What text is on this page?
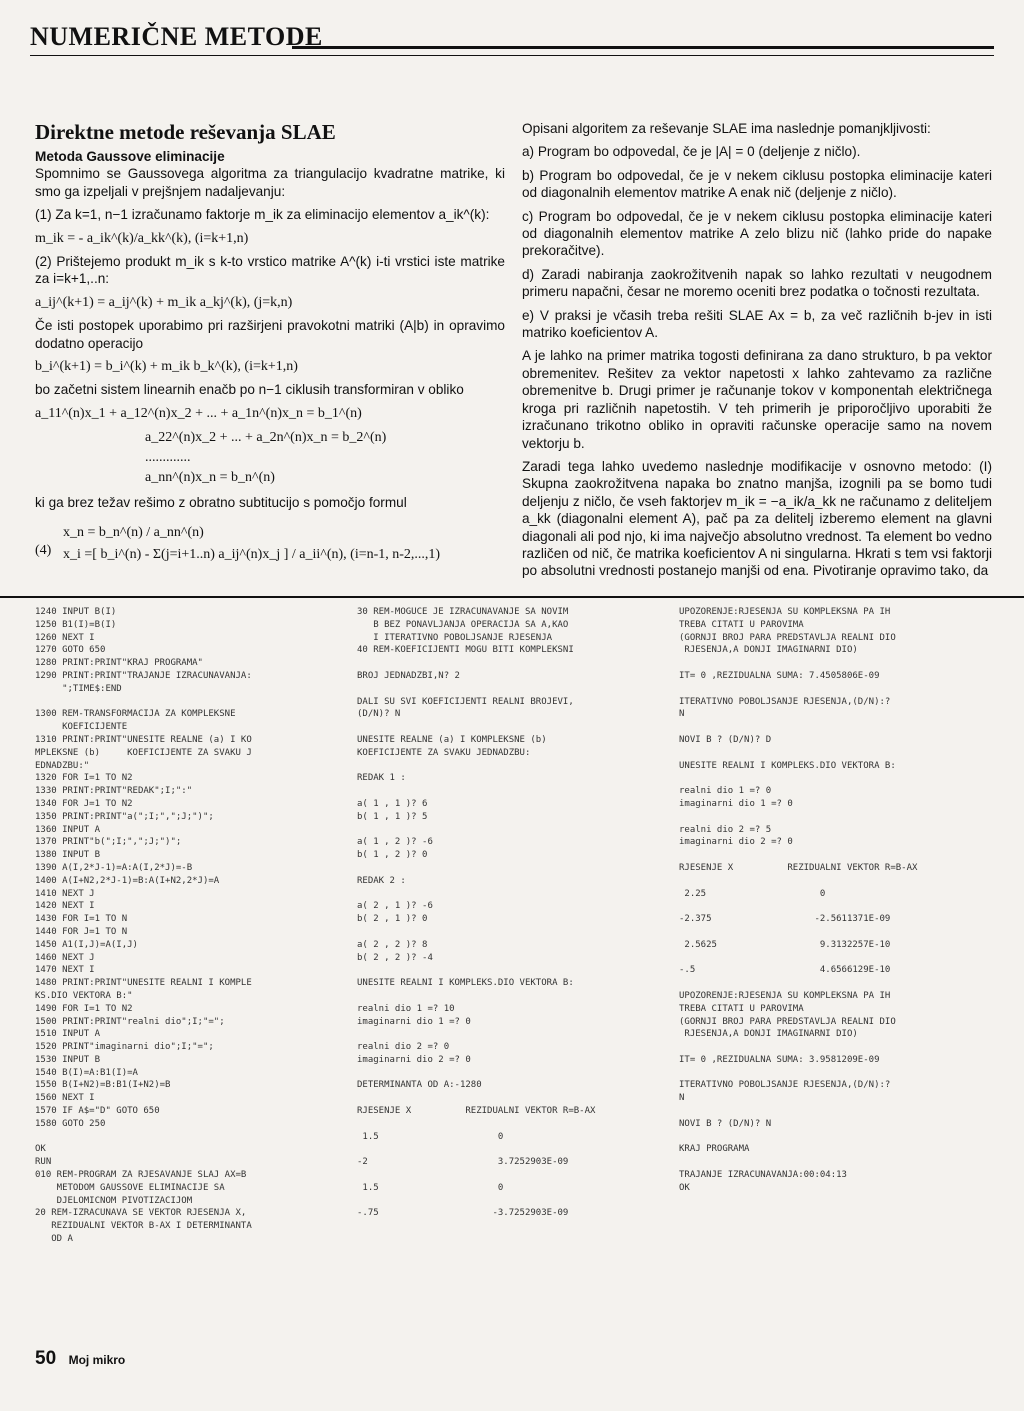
NUMERIČNE METODE
Direktne metode reševanja SLAE
Metoda Gaussove eliminacije

Spomnimo se Gaussovega algoritma za triangulacijo kvadratne matrike, ki smo ga izpeljali v prejšnjem nadaljevanju:

(1) Za k=1, n−1 izračunamo faktorje m_ik za eliminacijo elementov a_ik^(k):

m_ik = - a_ik^(k)/a_kk^(k), (i=k+1,n)

(2) Prištejemo produkt m_ik s k-to vrstico matrike A^(k) i-ti vrstici iste matrike za i=k+1,..n:

a_ij^(k+1) = a_ij^(k) + m_ik a_kj^(k), (j=k,n)

Če isti postopek uporabimo pri razširjeni pravokotni matriki (A|b) in opravimo dodatno operacijo

b_i^(k+1) = b_i^(k) + m_ik b_k^(k), (i=k+1,n)

bo začetni sistem linearnih enačb po n−1 ciklusih transformiran v obliko

a_11^(n)x_1 + a_12^(n)x_2 + ... + a_1n^(n)x_n = b_1^(n)
a_22^(n)x_2 + ... + a_2n^(n)x_n = b_2^(n)
.............
a_nn^(n)x_n = b_n^(n)

ki ga brez težav rešimo z obratno subtitucijo s pomočjo formul

(4)
x_n = b_n^(n) / a_nn^(n)
x_i =[ b_i^(n) - Σ(j=i+1..n) a_ij^(n)x_j ] / a_ii^(n), (i=n-1, n-2,...,1)

Opisani algoritem za reševanje SLAE ima naslednje pomanjkljivosti:

a) Program bo odpovedal, če je |A| = 0 (deljenje z ničlo).

b) Program bo odpovedal, če je v nekem ciklusu postopka eliminacije kateri od diagonalnih elementov matrike A enak nič (deljenje z ničlo).

c) Program bo odpovedal, če je v nekem ciklusu postopka eliminacije kateri od diagonalnih elementov matrike A zelo blizu nič (lahko pride do napake prekoračitve).

d) Zaradi nabiranja zaokrožitvenih napak so lahko rezultati v neugodnem primeru napačni, česar ne moremo oceniti brez podatka o točnosti rezultata.

e) V praksi je včasih treba rešiti SLAE Ax = b, za več različnih b-jev in isti matriko koeficientov A.

A je lahko na primer matrika togosti definirana za dano strukturo, b pa vektor obremenitev. Rešitev za vektor napetosti x lahko zahtevamo za različne obremenitve b. Drugi primer je računanje tokov v komponentah električnega kroga pri različnih napetostih. V teh primerih je priporočljivo uporabiti že izračunano trikotno obliko in opraviti računske operacije samo na novem vektorju b.

Zaradi tega lahko uvedemo naslednje modifikacije v osnovno metodo: (I) Skupna zaokrožitvena napaka bo znatno manjša, izognili pa se bomo tudi deljenju z ničlo, če vseh faktorjev m_ik = −a_ik/a_kk ne računamo z deliteljem a_kk (diagonalni element A), pač pa za delitelj izberemo element na glavni diagonali ali pod njo, ki ima največjo absolutno vrednost. Ta element bo vedno različen od nič, če matrika koeficientov A ni singularna. Hkrati s tem vsi faktorji po absolutni vrednosti postanejo manjši od ena. Pivotiranje opravimo tako, da

1240 INPUT B(I)
1250 B1(I)=B(I)
1260 NEXT I
1270 GOTO 650
1280 PRINT:PRINT"KRAJ PROGRAMA"
1290 PRINT:PRINT"TRAJANJE IZRACUNAVANJA:
";TIME$:END

1300 REM-TRANSFORMACIJA ZA KOMPLEKSNE
KOEFICIJENTE
1310 PRINT:PRINT"UNESITE REALNE (a) I KO
MPLEKSNE (b)     KOEFICIJENTE ZA SVAKU J
EDNADZBU:"
1320 FOR I=1 TO N2
1330 PRINT:PRINT"REDAK";I;":"
1340 FOR J=1 TO N2
1350 PRINT:PRINT"a(";I;",";J;")";
1360 INPUT A
1370 PRINT"b(";I;",";J;")";
1380 INPUT B
1390 A(I,2*J-1)=A:A(I,2*J)=-B
1400 A(I+N2,2*J-1)=B:A(I+N2,2*J)=A
1410 NEXT J
1420 NEXT I
1430 FOR I=1 TO N
1440 FOR J=1 TO N
1450 A1(I,J)=A(I,J)
1460 NEXT J
1470 NEXT I
1480 PRINT:PRINT"UNESITE REALNI I KOMPLE
KS.DIO VEKTORA B:"
1490 FOR I=1 TO N2
1500 PRINT:PRINT"realni dio";I;"=";
1510 INPUT A
1520 PRINT"imaginarni dio";I;"=";
1530 INPUT B
1540 B(I)=A:B1(I)=A
1550 B(I+N2)=B:B1(I+N2)=B
1560 NEXT I
1570 IF A$="D" GOTO 650
1580 GOTO 250

OK
RUN
010 REM-PROGRAM ZA RJESAVANJE SLAJ AX=B
METODOM GAUSSOVE ELIMINACIJE SA
DJELOMICNOM PIVOTIZACIJOM
20 REM-IZRACUNAVA SE VEKTOR RJESENJA X,
REZIDUALNI VEKTOR B-AX I DETERMINANTA
OD A
30 REM-MOGUCE JE IZRACUNAVANJE SA NOVIM
B BEZ PONAVLJANJA OPERACIJA SA A,KAO
I ITERATIVNO POBOLJSANJE RJESENJA
40 REM-KOEFICIJENTI MOGU BITI KOMPLEKSNI

BROJ JEDNADZBI,N? 2

DALI SU SVI KOEFICIJENTI REALNI BROJEVI,
(D/N)? N

UNESITE REALNE (a) I KOMPLEKSNE (b)
KOEFICIJENTE ZA SVAKU JEDNADZBU:

REDAK 1 :

a( 1 , 1 )? 6
b( 1 , 1 )? 5

a( 1 , 2 )? -6
b( 1 , 2 )? 0

REDAK 2 :

a( 2 , 1 )? -6
b( 2 , 1 )? 0

a( 2 , 2 )? 8
b( 2 , 2 )? -4

UNESITE REALNI I KOMPLEKS.DIO VEKTORA B:

realni dio 1 =? 10
imaginarni dio 1 =? 0

realni dio 2 =? 0
imaginarni dio 2 =? 0

DETERMINANTA OD A:-1280

RJESENJE X          REZIDUALNI VEKTOR R=B-AX

1.5                      0

-2                        3.7252903E-09

1.5                      0

-.75                     -3.7252903E-09
UPOZORENJE:RJESENJA SU KOMPLEKSNA PA IH
TREBA CITATI U PAROVIMA
(GORNJI BROJ PARA PREDSTAVLJA REALNI DIO
RJESENJA,A DONJI IMAGINARNI DIO)

IT= 0 ,REZIDUALNA SUMA: 7.4505806E-09

ITERATIVNO POBOLJSANJE RJESENJA,(D/N):?
N

NOVI B ? (D/N)? D

UNESITE REALNI I KOMPLEKS.DIO VEKTORA B:

realni dio 1 =? 0
imaginarni dio 1 =? 0

realni dio 2 =? 5
imaginarni dio 2 =? 0

RJESENJE X          REZIDUALNI VEKTOR R=B-AX

2.25                     0

-2.375                   -2.5611371E-09

2.5625                   9.3132257E-10

-.5                       4.6566129E-10

UPOZORENJE:RJESENJA SU KOMPLEKSNA PA IH
TREBA CITATI U PAROVIMA
(GORNJI BROJ PARA PREDSTAVLJA REALNI DIO
RJESENJA,A DONJI IMAGINARNI DIO)

IT= 0 ,REZIDUALNA SUMA: 3.9581209E-09

ITERATIVNO POBOLJSANJE RJESENJA,(D/N):?
N

NOVI B ? (D/N)? N

KRAJ PROGRAMA

TRAJANJE IZRACUNAVANJA:00:04:13
OK
50 Moj mikro
